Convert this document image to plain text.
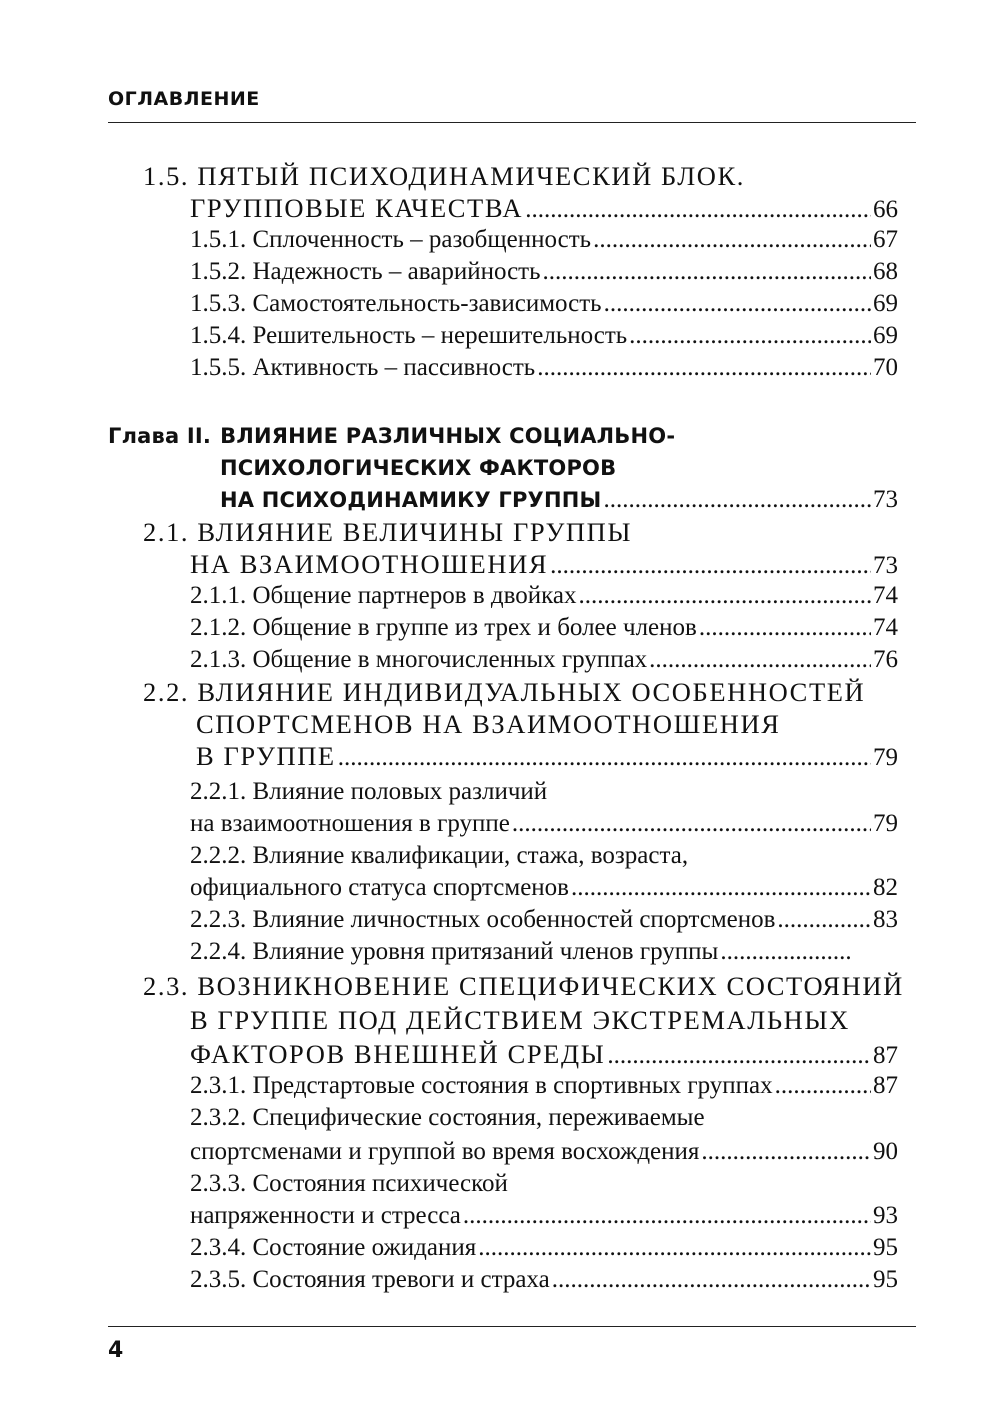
ОГЛАВЛЕНИЕ
1.5. ПЯТЫЙ ПСИХОДИНАМИЧЕСКИЙ БЛОК.
ГРУППОВЫЕ КАЧЕСТВА .....	66
1.5.1. Сплоченность – разобщенность .....	67
1.5.2. Надежность – аварийность .....	68
1.5.3. Самостоятельность-зависимость .....	69
1.5.4. Решительность – нерешительность .....	69
1.5.5. Активность – пассивность .....	70
Глава II. ВЛИЯНИЕ РАЗЛИЧНЫХ СОЦИАЛЬНО-
ПСИХОЛОГИЧЕСКИХ ФАКТОРОВ
НА ПСИХОДИНАМИКУ ГРУППЫ .....	73
2.1. ВЛИЯНИЕ ВЕЛИЧИНЫ ГРУППЫ
НА ВЗАИМООТНОШЕНИЯ .....	73
2.1.1. Общение партнеров в двойках .....	74
2.1.2. Общение в группе из трех и более членов .....	74
2.1.3. Общение в многочисленных группах .....	76
2.2. ВЛИЯНИЕ ИНДИВИДУАЛЬНЫХ ОСОБЕННОСТЕЙ
СПОРТСМЕНОВ НА ВЗАИМООТНОШЕНИЯ
В ГРУППЕ .....	79
2.2.1. Влияние половых различий
на взаимоотношения в группе .....	79
2.2.2. Влияние квалификации, стажа, возраста,
официального статуса спортсменов .....	82
2.2.3. Влияние личностных особенностей спортсменов .....	83
2.2.4. Влияние уровня притязаний членов группы
.....
2.3. ВОЗНИКНОВЕНИЕ СПЕЦИФИЧЕСКИХ СОСТОЯНИЙ
В ГРУППЕ ПОД ДЕЙСТВИЕМ ЭКСТРЕМАЛЬНЫХ
ФАКТОРОВ ВНЕШНЕЙ СРЕДЫ .....	87
2.3.1. Предстартовые состояния в спортивных группах .....	87
2.3.2. Специфические состояния, переживаемые
спортсменами и группой во время восхождения .....	90
2.3.3. Состояния психической
напряженности и стресса .....	93
2.3.4. Состояние ожидания .....	95
2.3.5. Состояния тревоги и страха .....	95
4
